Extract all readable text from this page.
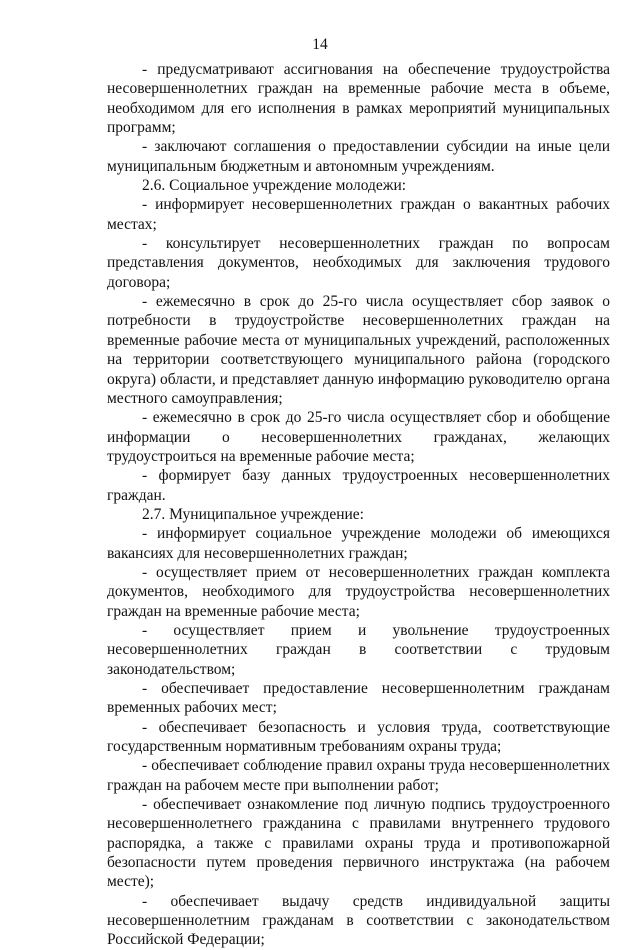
14

- предусматривают ассигнования на обеспечение трудоустройства несовершеннолетних граждан на временные рабочие места в объеме, необходимом для его исполнения в рамках мероприятий муниципальных программ;

- заключают соглашения о предоставлении субсидии на иные цели муниципальным бюджетным и автономным учреждениям.

2.6. Социальное учреждение молодежи:

- информирует несовершеннолетних граждан о вакантных рабочих местах;

- консультирует несовершеннолетних граждан по вопросам представления документов, необходимых для заключения трудового договора;

- ежемесячно в срок до 25-го числа осуществляет сбор заявок о потребности в трудоустройстве несовершеннолетних граждан на временные рабочие места от муниципальных учреждений, расположенных на территории соответствующего муниципального района (городского округа) области, и представляет данную информацию руководителю органа местного самоуправления;

- ежемесячно в срок до 25-го числа осуществляет сбор и обобщение информации о несовершеннолетних гражданах, желающих трудоустроиться на временные рабочие места;

- формирует базу данных трудоустроенных несовершеннолетних граждан.

2.7. Муниципальное учреждение:

- информирует социальное учреждение молодежи об имеющихся вакансиях для несовершеннолетних граждан;

- осуществляет прием от несовершеннолетних граждан комплекта документов, необходимого для трудоустройства несовершеннолетних граждан на временные рабочие места;

- осуществляет прием и увольнение трудоустроенных несовершеннолетних граждан в соответствии с трудовым законодательством;

- обеспечивает предоставление несовершеннолетним гражданам временных рабочих мест;

- обеспечивает безопасность и условия труда, соответствующие государственным нормативным требованиям охраны труда;

- обеспечивает соблюдение правил охраны труда несовершеннолетних граждан на рабочем месте при выполнении работ;

- обеспечивает ознакомление под личную подпись трудоустроенного несовершеннолетнего гражданина с правилами внутреннего трудового распорядка, а также с правилами охраны труда и противопожарной безопасности путем проведения первичного инструктажа (на рабочем месте);

- обеспечивает выдачу средств индивидуальной защиты несовершеннолетним гражданам в соответствии с законодательством Российской Федерации;
